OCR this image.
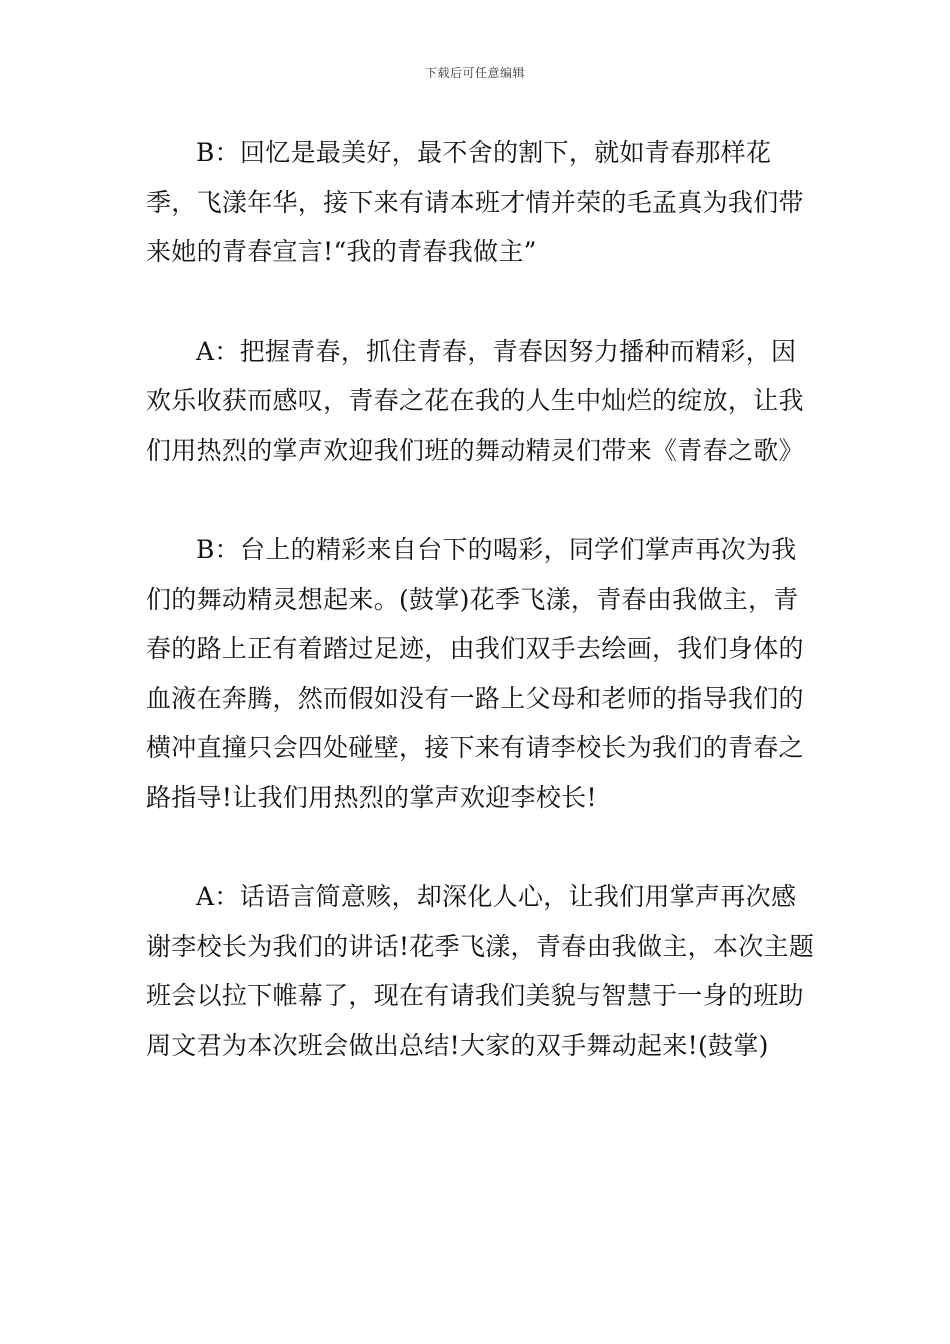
下载后可任意编辑

B：回忆是最美好，最不舍的割下，就如青春那样花季，飞漾年华，接下来有请本班才情并荣的毛孟真为我们带来她的青春宣言!“我的青春我做主”

A：把握青春，抓住青春，青春因努力播种而精彩，因欢乐收获而感叹，青春之花在我的人生中灿烂的绽放，让我们用热烈的掌声欢迎我们班的舞动精灵们带来《青春之歌》

B：台上的精彩来自台下的喝彩，同学们掌声再次为我们的舞动精灵想起来。(鼓掌)花季飞漾，青春由我做主，青春的路上正有着踏过足迹，由我们双手去绘画，我们身体的血液在奔腾，然而假如没有一路上父母和老师的指导我们的横冲直撞只会四处碰壁，接下来有请李校长为我们的青春之路指导!让我们用热烈的掌声欢迎李校长!

A：话语言简意赅，却深化人心，让我们用掌声再次感谢李校长为我们的讲话!花季飞漾，青春由我做主，本次主题班会以拉下帷幕了，现在有请我们美貌与智慧于一身的班助周文君为本次班会做出总结!大家的双手舞动起来!(鼓掌)
